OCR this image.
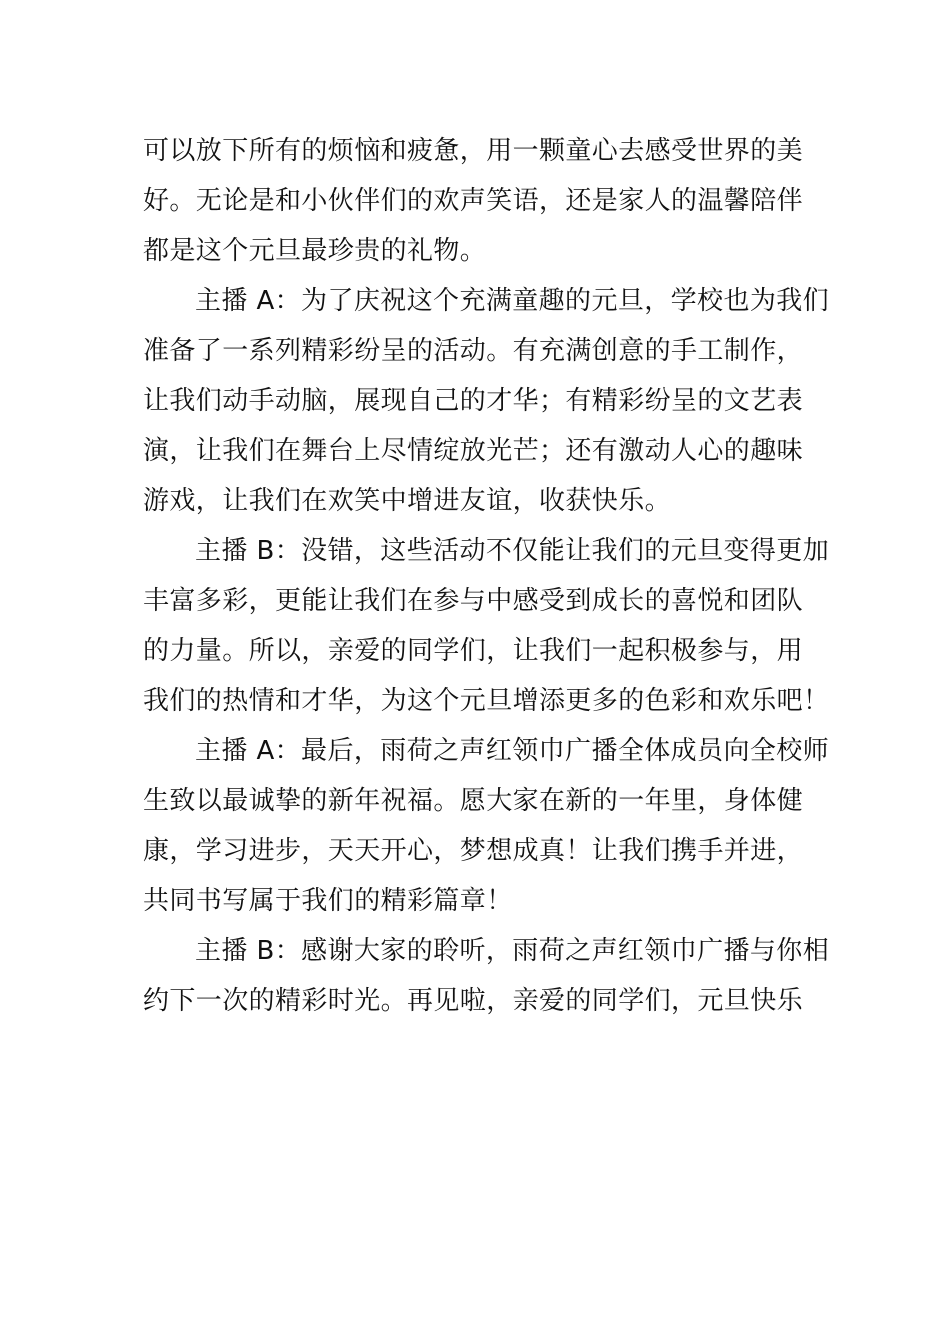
可以放下所有的烦恼和疲惫，用一颗童心去感受世界的美
好。无论是和小伙伴们的欢声笑语，还是家人的温馨陪伴
都是这个元旦最珍贵的礼物。
主播 A：为了庆祝这个充满童趣的元旦，学校也为我们
准备了一系列精彩纷呈的活动。有充满创意的手工制作，
让我们动手动脑，展现自己的才华；有精彩纷呈的文艺表
演，让我们在舞台上尽情绽放光芒；还有激动人心的趣味
游戏，让我们在欢笑中增进友谊，收获快乐。
主播 B：没错，这些活动不仅能让我们的元旦变得更加
丰富多彩，更能让我们在参与中感受到成长的喜悦和团队
的力量。所以，亲爱的同学们，让我们一起积极参与，用
我们的热情和才华，为这个元旦增添更多的色彩和欢乐吧！
主播 A：最后，雨荷之声红领巾广播全体成员向全校师
生致以最诚挚的新年祝福。愿大家在新的一年里，身体健
康，学习进步，天天开心，梦想成真！让我们携手并进，
共同书写属于我们的精彩篇章！
主播 B：感谢大家的聆听，雨荷之声红领巾广播与你相
约下一次的精彩时光。再见啦，亲爱的同学们，元旦快乐
